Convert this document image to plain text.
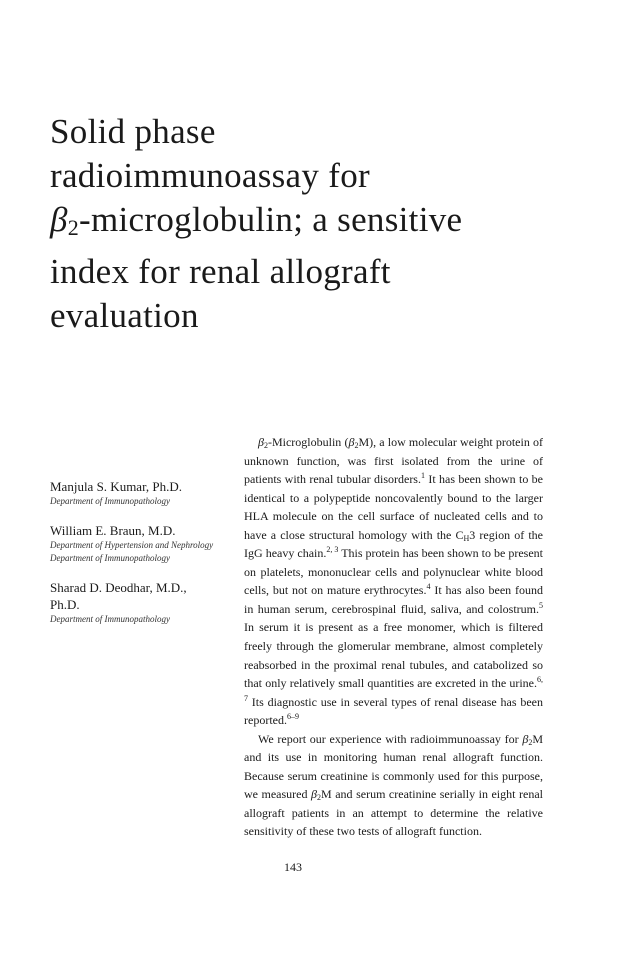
Solid phase
radioimmunoassay for
β2-microglobulin; a sensitive
index for renal allograft
evaluation
Manjula S. Kumar, Ph.D.
Department of Immunopathology
William E. Braun, M.D.
Department of Hypertension and Nephrology
Department of Immunopathology
Sharad D. Deodhar, M.D.,
Ph.D.
Department of Immunopathology

$\beta_2$-Microglobulin $(\beta_2M)$, a low molecular weight protein of unknown function, was first isolated from the urine of patients with renal tubular disorders.$^1$ It has been shown to be identical to a polypeptide noncovalently bound to the larger HLA molecule on the cell surface of nucleated cells and to have a close structural homology with the $C_H3$ region of the IgG heavy chain.$^{2, 3}$ This protein has been shown to be present on platelets, mononuclear cells and polynuclear white blood cells, but not on mature erythrocytes.$^4$ It has also been found in human serum, cerebrospinal fluid, saliva, and colostrum.$^5$ In serum it is present as a free monomer, which is filtered freely through the glomerular membrane, almost completely reabsorbed in the proximal renal tubules, and catabolized so that only relatively small quantities are excreted in the urine.$^{6, 7}$ Its diagnostic use in several types of renal disease has been reported.$^{6-9}$

We report our experience with radioimmunoassay for $\beta_2M$ and its use in monitoring human renal allograft function. Because serum creatinine is commonly used for this purpose, we measured $\beta_2M$ and serum creatinine serially in eight renal allograft patients in an attempt to determine the relative sensitivity of these two tests of allograft function.

143
